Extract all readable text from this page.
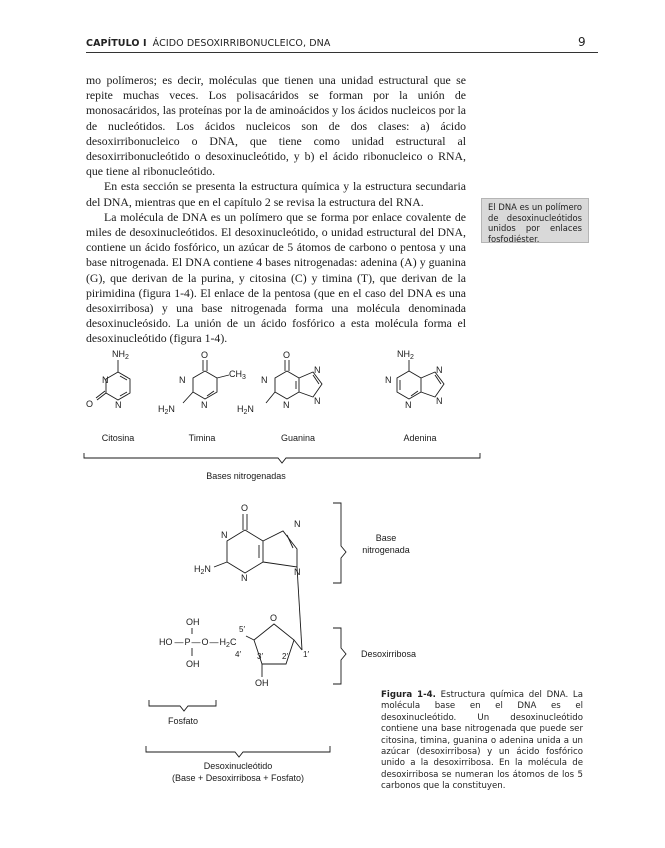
CAPÍTULO I ÁCIDO DESOXIRRIBONUCLEICO, DNA	9

mo polímeros; es decir, moléculas que tienen una unidad estructural que se repite muchas veces. Los polisacáridos se forman por la unión de monosacáridos, las proteínas por la de aminoácidos y los ácidos nucleicos por la de nucleótidos. Los ácidos nucleicos son de dos clases: a) ácido desoxirribonucleico o DNA, que tiene como unidad estructural al desoxirribonucleótido o desoxinucleótido, y b) el ácido ribonucleico o RNA, que tiene al ribonucleótido.

En esta sección se presenta la estructura química y la estructura secundaria del DNA, mientras que en el capítulo 2 se revisa la estructura del RNA.

La molécula de DNA es un polímero que se forma por enlace covalente de miles de desoxinucleótidos. El desoxinucleótido, o unidad estructural del DNA, contiene un ácido fosfórico, un azúcar de 5 átomos de carbono o pentosa y una base nitrogenada. El DNA contiene 4 bases nitrogenadas: adenina (A) y guanina (G), que derivan de la purina, y citosina (C) y timina (T), que derivan de la pirimidina (figura 1-4). El enlace de la pentosa (que en el caso del DNA es una desoxirribosa) y una base nitrogenada forma una molécula denominada desoxinucleósido. La unión de un ácido fosfórico a esta molécula forma el desoxinucleótido (figura 1-4).

El DNA es un polímero de desoxinucleótidos unidos por enlaces fosfodiéster.
$NH_2$
N
N
O
O
N
N
$CH_3$
$H_2N$
O
N
N
N
N
$H_2N$
$NH_2$
N
N
N
N
Citosina	Timina	Guanina	Adenina
Bases nitrogenadas
O
N
N
N
N
$H_2N$
OH
HO $—P—O—H_2C$
OH
O
5′
4′ 3′ 2′ 1′
OH
Base
nitrogenada
Desoxirribosa
Fosfato
Desoxinucleótido
(Base + Desoxirribosa + Fosfato)
Figura 1-4. Estructura química del DNA. La molécula base en el DNA es el desoxinucleótido. Un desoxinucleótido contiene una base nitrogenada que puede ser citosina, timina, guanina o adenina unida a un azúcar (desoxirribosa) y un ácido fosfórico unido a la desoxirribosa. En la molécula de desoxirribosa se numeran los átomos de los 5 carbonos que la constituyen.
